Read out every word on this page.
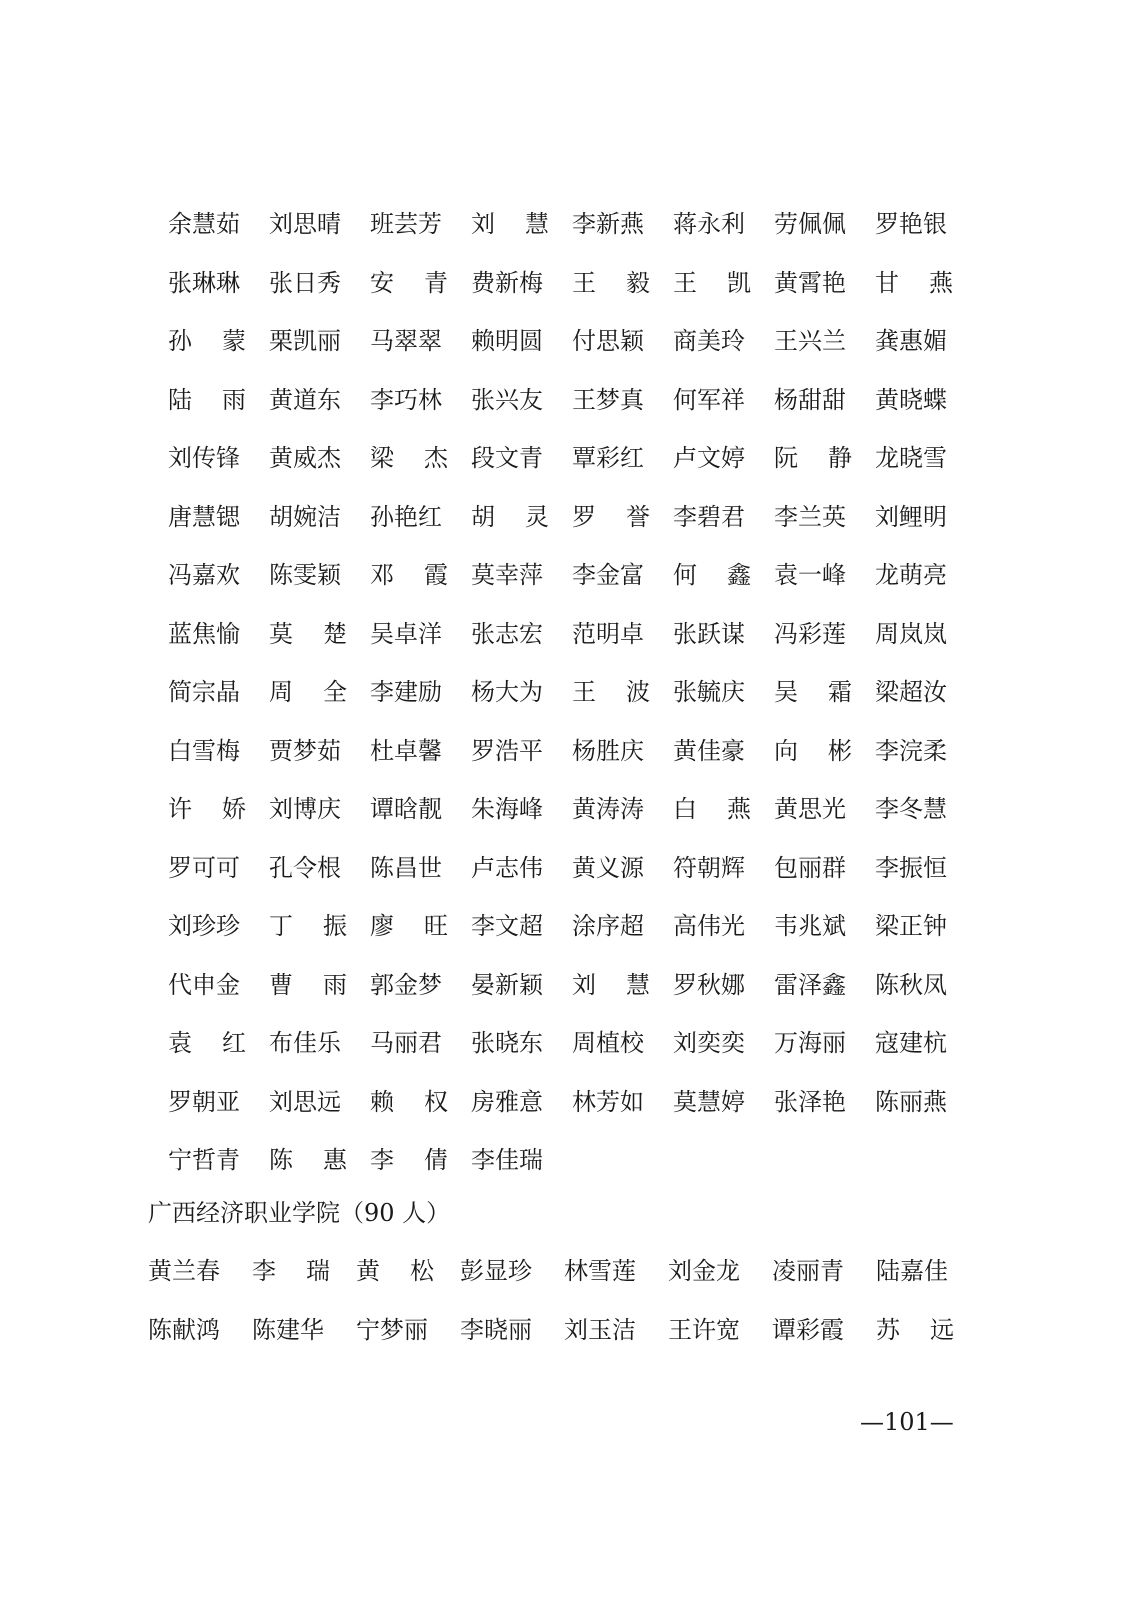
余慧茹 刘思晴 班芸芳 刘 慧 李新燕 蒋永利 劳佩佩 罗艳银
张琳琳 张日秀 安 青 费新梅 王 毅 王 凯 黄霄艳 甘 燕
孙 蒙 栗凯丽 马翠翠 赖明圆 付思颖 商美玲 王兴兰 龚惠媚
陆 雨 黄道东 李巧林 张兴友 王梦真 何军祥 杨甜甜 黄晓蝶
刘传锋 黄威杰 梁 杰 段文青 覃彩红 卢文婷 阮 静 龙晓雪
唐慧锶 胡婉洁 孙艳红 胡 灵 罗 誉 李碧君 李兰英 刘鲤明
冯嘉欢 陈雯颖 邓 霞 莫幸萍 李金富 何 鑫 袁一峰 龙萌亮
蓝焦愉 莫 楚 吴卓洋 张志宏 范明卓 张跃谋 冯彩莲 周岚岚
简宗晶 周 全 李建励 杨大为 王 波 张毓庆 吴 霜 梁超汝
白雪梅 贾梦茹 杜卓馨 罗浩平 杨胜庆 黄佳豪 向 彬 李浣柔
许 娇 刘博庆 谭晗靓 朱海峰 黄涛涛 白 燕 黄思光 李冬慧
罗可可 孔令根 陈昌世 卢志伟 黄义源 符朝辉 包丽群 李振恒
刘珍珍 丁 振 廖 旺 李文超 涂序超 高伟光 韦兆斌 梁正钟
代申金 曹 雨 郭金梦 晏新颖 刘 慧 罗秋娜 雷泽鑫 陈秋凤
袁 红 布佳乐 马丽君 张晓东 周植校 刘奕奕 万海丽 寇建杭
罗朝亚 刘思远 赖 权 房雅意 林芳如 莫慧婷 张泽艳 陈丽燕
宁哲青 陈 惠 李 倩 李佳瑞
广西经济职业学院（90 人）
黄兰春 李 瑞 黄 松 彭显珍 林雪莲 刘金龙 凌丽青 陆嘉佳
陈献鸿 陈建华 宁梦丽 李晓丽 刘玉洁 王许宽 谭彩霞 苏 远
—101—
